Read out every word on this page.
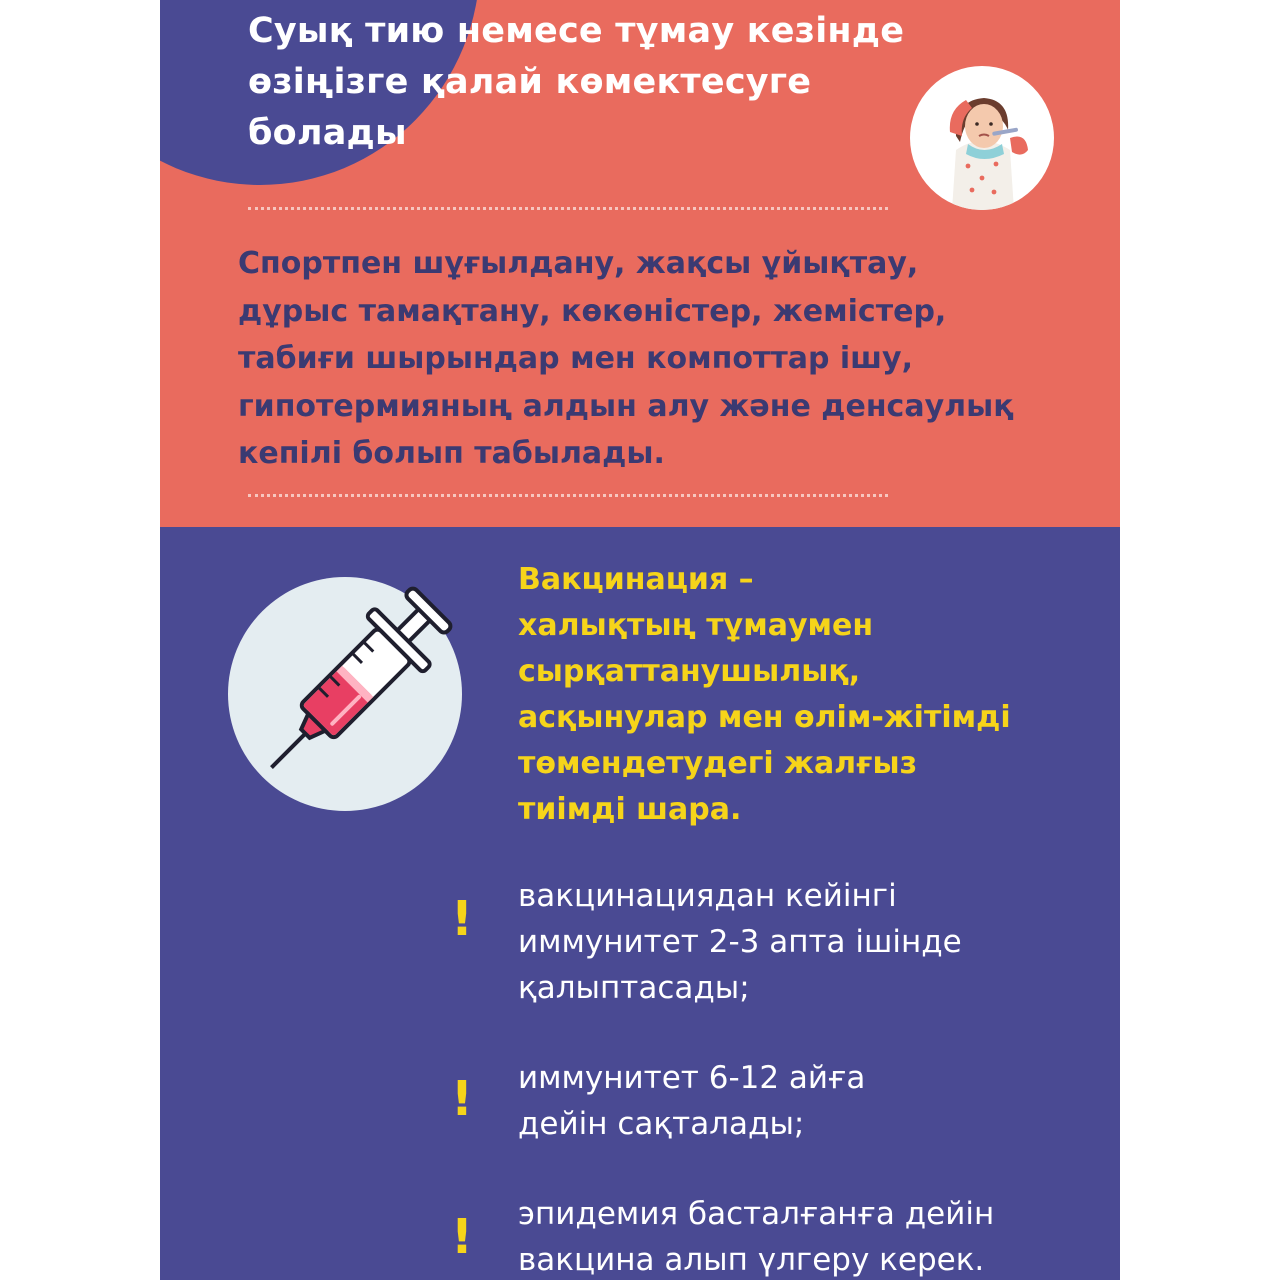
Суық тию немесе тұмау кезінде
өзіңізге қалай көмектесуге
болады

Спортпен шұғылдану, жақсы ұйықтау,
дұрыс тамақтану, көкөністер, жемістер,
табиғи шырындар мен компоттар ішу,
гипотермияның алдын алу және денсаулық
кепілі болып табылады.

Вакцинация –
халықтың тұмаумен
сырқаттанушылық,
асқынулар мен өлім-жітімді
төмендетудегі жалғыз
тиімді шара.

! вакцинациядан кейінгі
иммунитет 2-3 апта ішінде
қалыптасады;

! иммунитет 6-12 айға
дейін сақталады;

! эпидемия басталғанға дейін
вакцина алып үлгеру керек.
